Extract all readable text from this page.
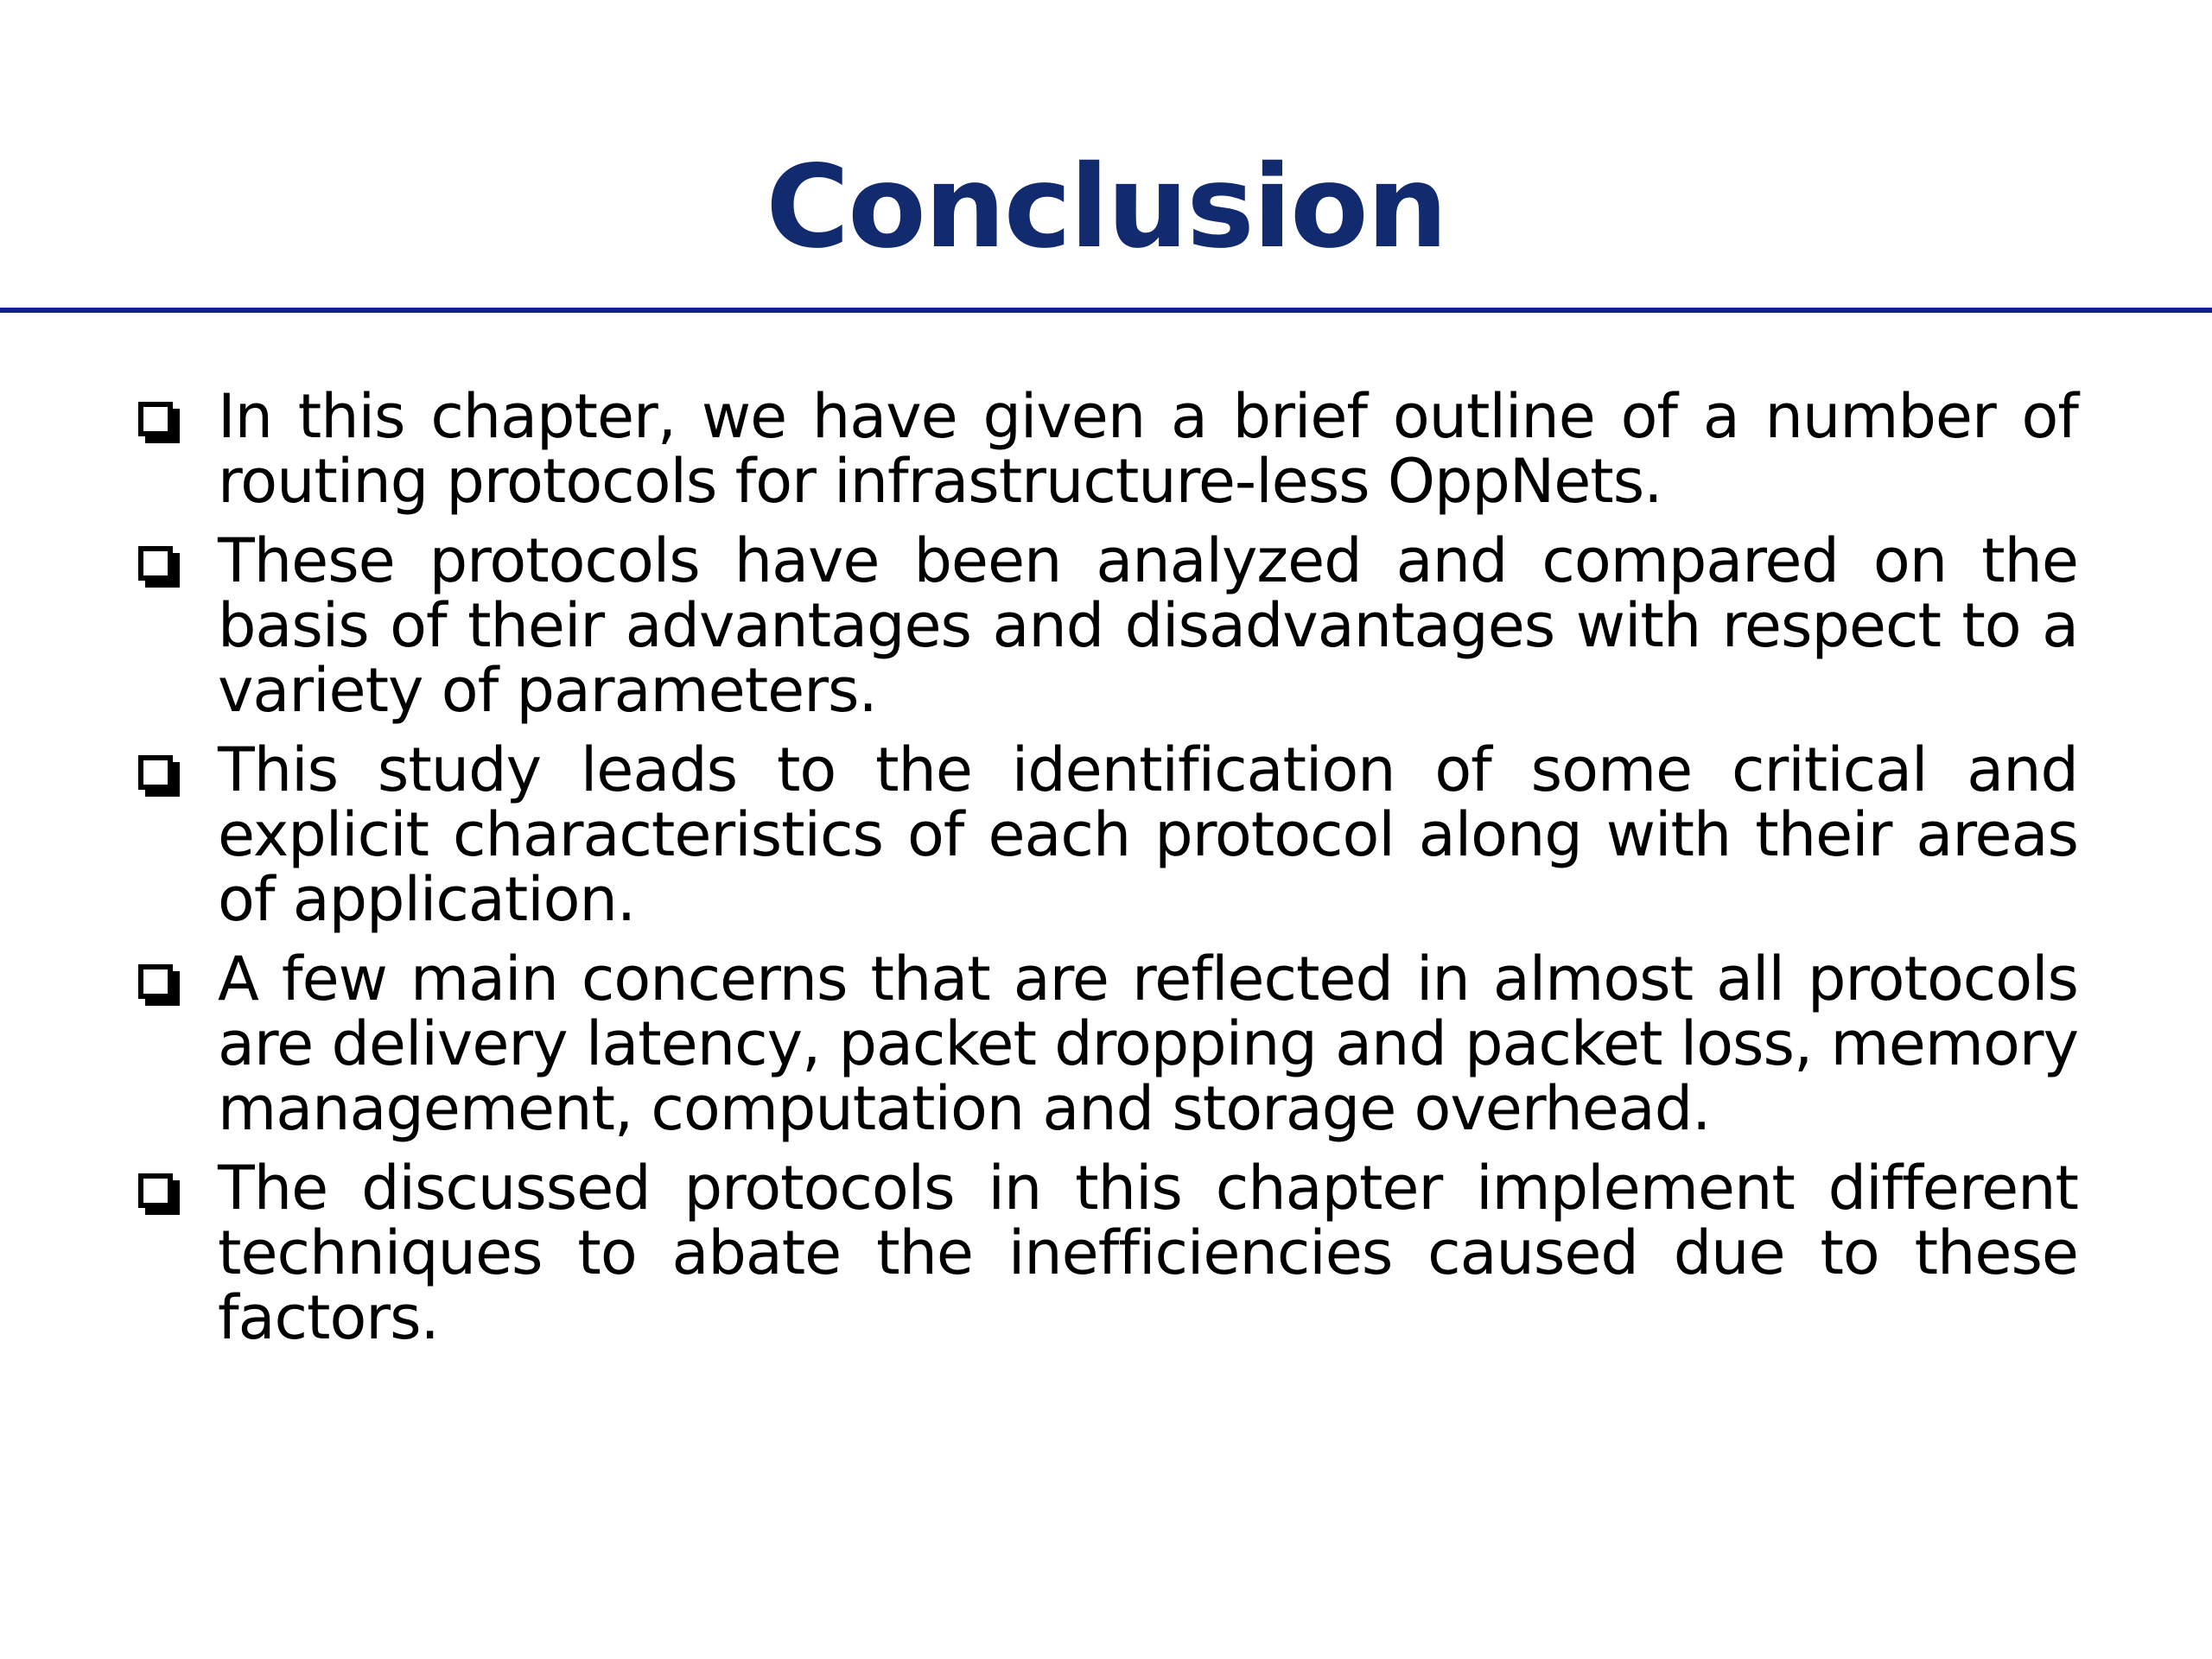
Conclusion
In this chapter, we have given a brief outline of a number of routing protocols for infrastructure-less OppNets.
These protocols have been analyzed and compared on the basis of their advantages and disadvantages with respect to a variety of parameters.
This study leads to the identification of some critical and explicit characteristics of each protocol along with their areas of application.
A few main concerns that are reflected in almost all protocols are delivery latency, packet dropping and packet loss, memory management, computation and storage overhead.
The discussed protocols in this chapter implement different techniques to abate the inefficiencies caused due to these factors.
